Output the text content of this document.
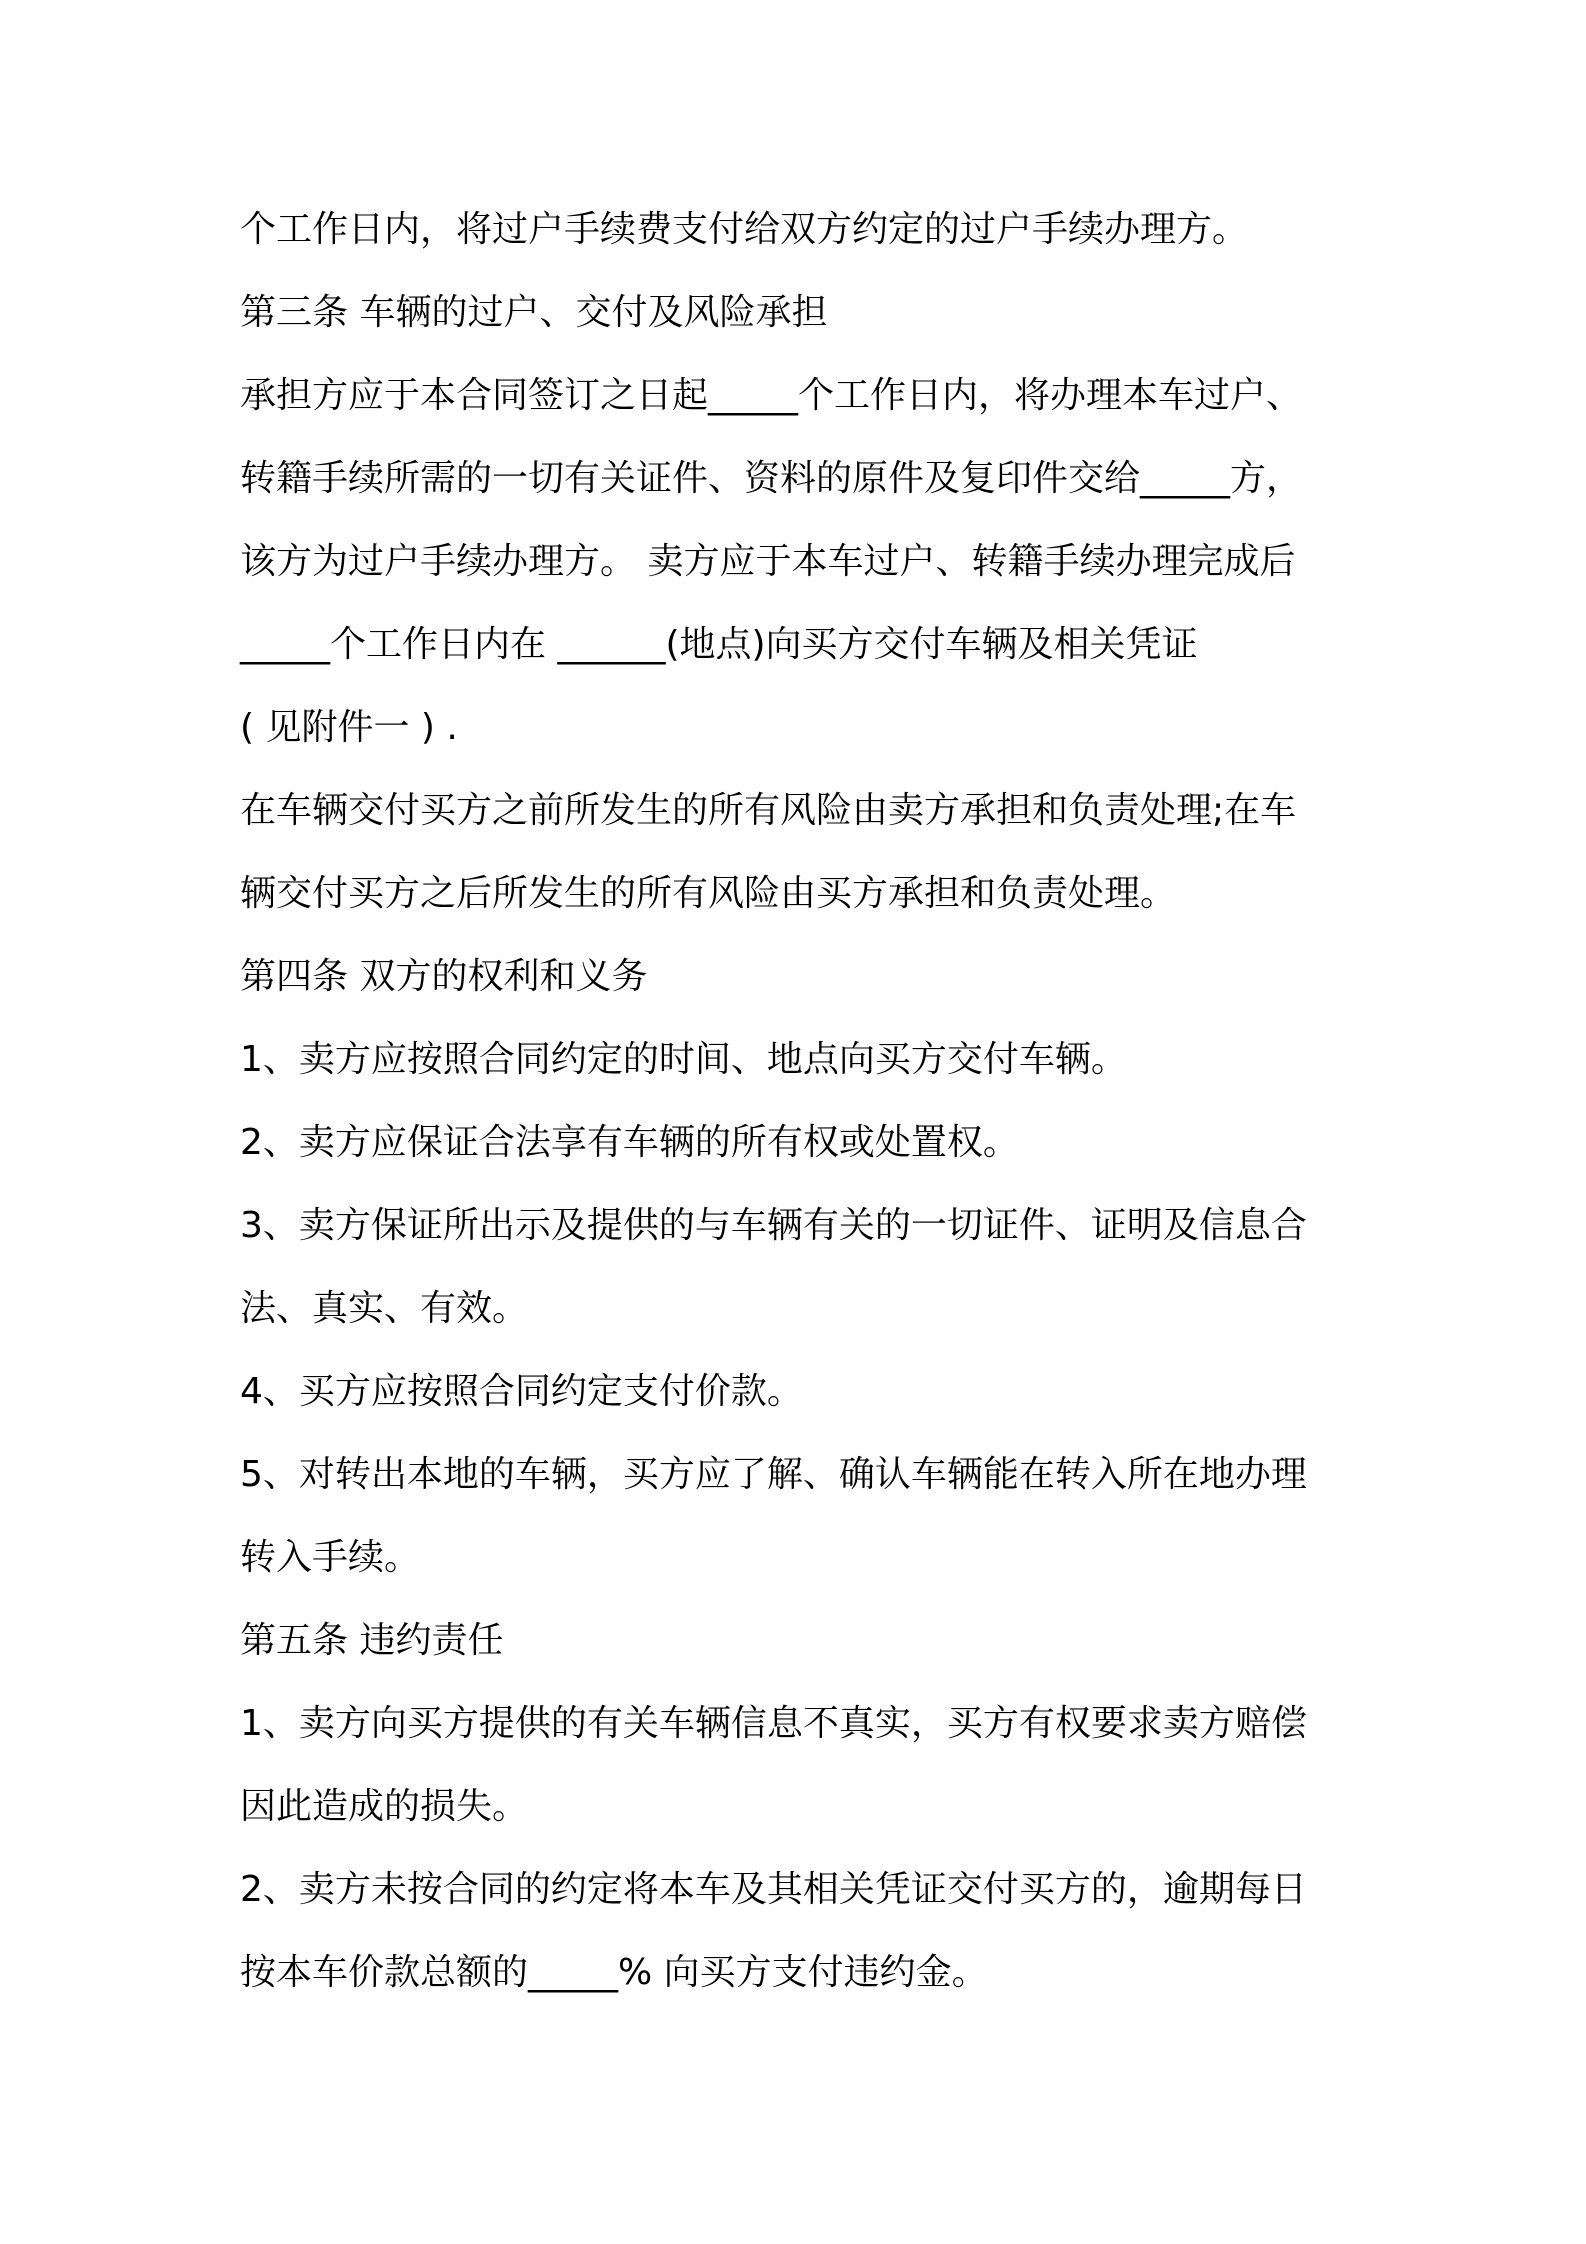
个工作日内，将过户手续费支付给双方约定的过户手续办理方。
第三条 车辆的过户、交付及风险承担
承担方应于本合同签订之日起_____个工作日内，将办理本车过户、
转籍手续所需的一切有关证件、资料的原件及复印件交给_____方，
该方为过户手续办理方。 卖方应于本车过户、转籍手续办理完成后
_____个工作日内在 ______(地点)向买方交付车辆及相关凭证
( 见附件一 ) .
在车辆交付买方之前所发生的所有风险由卖方承担和负责处理;在车
辆交付买方之后所发生的所有风险由买方承担和负责处理。
第四条 双方的权利和义务
1、卖方应按照合同约定的时间、地点向买方交付车辆。
2、卖方应保证合法享有车辆的所有权或处置权。
3、卖方保证所出示及提供的与车辆有关的一切证件、证明及信息合
法、真实、有效。
4、买方应按照合同约定支付价款。
5、对转出本地的车辆，买方应了解、确认车辆能在转入所在地办理
转入手续。
第五条 违约责任
1、卖方向买方提供的有关车辆信息不真实，买方有权要求卖方赔偿
因此造成的损失。
2、卖方未按合同的约定将本车及其相关凭证交付买方的，逾期每日
按本车价款总额的_____% 向买方支付违约金。
